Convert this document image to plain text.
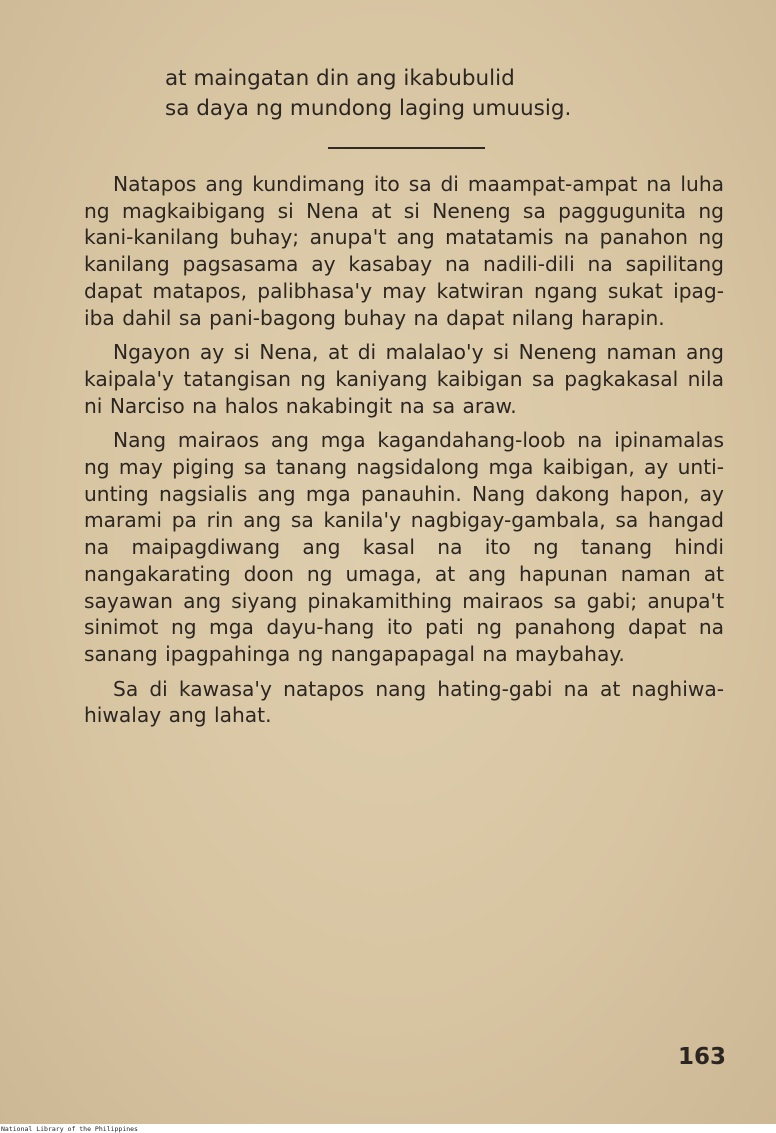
at maingatan din ang ikabubulid
sa daya ng mundong laging umuusig.

Natapos ang kundimang ito sa di maampat-ampat na luha ng magkaibigang si Nena at si Neneng sa paggugunita ng kani-kanilang buhay; anupa't ang matatamis na panahon ng kanilang pagsasama ay kasabay na nadili-dili na sapilitang dapat matapos, palibhasa'y may katwiran ngang sukat ipag-iba dahil sa pani-bagong buhay na dapat nilang harapin.

Ngayon ay si Nena, at di malalao'y si Neneng naman ang kaipala'y tatangisan ng kaniyang kaibigan sa pagkakasal nila ni Narciso na halos nakabingit na sa araw.

Nang mairaos ang mga kagandahang-loob na ipinamalas ng may piging sa tanang nagsidalong mga kaibigan, ay unti-unting nagsialis ang mga panauhin. Nang dakong hapon, ay marami pa rin ang sa kanila'y nagbigay-gambala, sa hangad na maipagdiwang ang kasal na ito ng tanang hindi nangakarating doon ng umaga, at ang hapunan naman at sayawan ang siyang pinakamithing mairaos sa gabi; anupa't sinimot ng mga dayu-hang ito pati ng panahong dapat na sanang ipagpahinga ng nangapapagal na maybahay.

Sa di kawasa'y natapos nang hating-gabi na at naghiwa-hiwalay ang lahat.

163
National Library of the Philippines
